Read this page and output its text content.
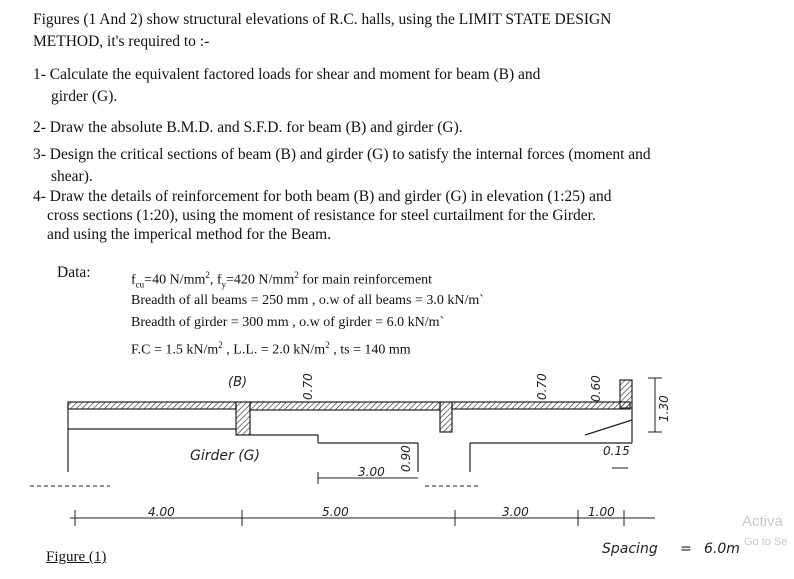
Figures (1 And 2) show structural elevations of R.C. halls, using the LIMIT STATE DESIGN
METHOD, it's required to :-
1- Calculate the equivalent factored loads for shear and moment for beam (B) and
girder (G).
2- Draw the absolute B.M.D. and S.F.D. for beam (B) and girder (G).
3- Design the critical sections of beam (B) and girder (G) to satisfy the internal forces (moment and
shear).
4- Draw the details of reinforcement for both beam (B) and girder (G) in elevation (1:25) and
cross sections (1:20), using the moment of resistance for steel curtailment for the Girder.
and using the imperical method for the Beam.
Data:	$f_{cu}=40$ $N/mm^2$, $f_y=420$ $N/mm^2$ for main reinforcement
Breadth of all beams = 250 mm , o.w of all beams = 3.0 kN/m`
Breadth of girder = 300 mm , o.w of girder = 6.0 kN/m`
F.C = 1.5 $kN/m^2$ , L.L. = 2.0 $kN/m^2$ , ts = 140 mm
(B)
Girder (G)
0.70	0.70	0.60
1.30
0.90
3.00
0.15
4.00	5.00	3.00	1.00
Spacing = 6.0m
Figure (1)
Activa
Go to Se
